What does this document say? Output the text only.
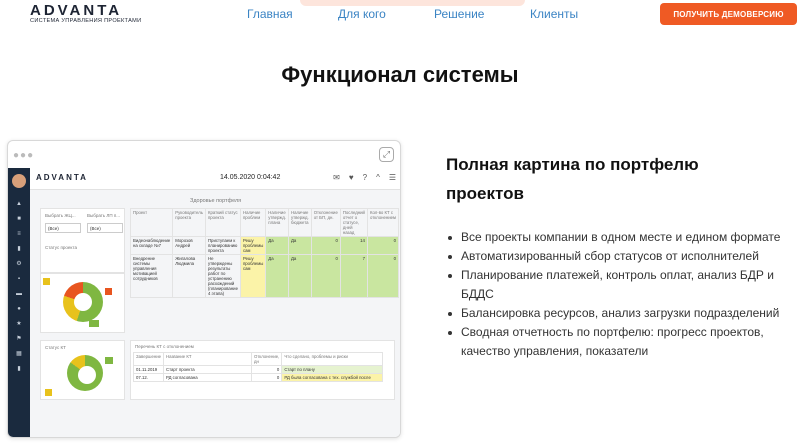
ADVANTA
СИСТЕМА УПРАВЛЕНИЯ ПРОЕКТАМИ	Главная	Для кого	Решение	Клиенты	ПОЛУЧИТЬ ДЕМОВЕРСИЮ
Функционал системы
●●●	⤢
▲
■
≡
▮
⚙
▪
▬
●
★
⚑
▦
▮
ADVANTA	14.05.2020 0:04:42	✉ ♥ ? ^ ☰
Здоровье портфеля
Выбрать ЖЦ...	Выбрать ЛП п...
(Все)	(Все)
Статус проекта

Проект	Руководитель проекта	Краткий статус проекта	Наличие проблем	Наличие утвержд. плана	Наличие утвержд. бюджета	Отклонение от БП, дн.	Последний отчет о статусе, дней назад	Кол-во КТ с отклонением
Видеонаблюдение на складе №7	Морозов Андрей	Приступаем к планированию проекта	Решу проблемы сам	Да	Да	0	14	0
Внедрение системы управления мотивацией сотрудников	Жигалова Людмила	Не утверждены результаты работ по устранению расхождений (планирование 4 этапа)	Решу проблемы сам	Да	Да	0	7	0
Статус КТ

	Перечень КТ с отклонением
Завершение	Название КТ	Отклонение, дн	Что сделано, проблемы и риски
01.11.2019	Старт проекта	0	Старт по плану
07.12.	РД согласована	0	РД была согласована с тех. службой после
Полная картина по портфелю проектов
Все проекты компании в одном месте и едином формате
Автоматизированный сбор статусов от исполнителей
Планирование платежей, контроль оплат, анализ БДР и БДДС
Балансировка ресурсов, анализ загрузки подразделений
Сводная отчетность по портфелю: прогресс проектов, качество управления, показатели
